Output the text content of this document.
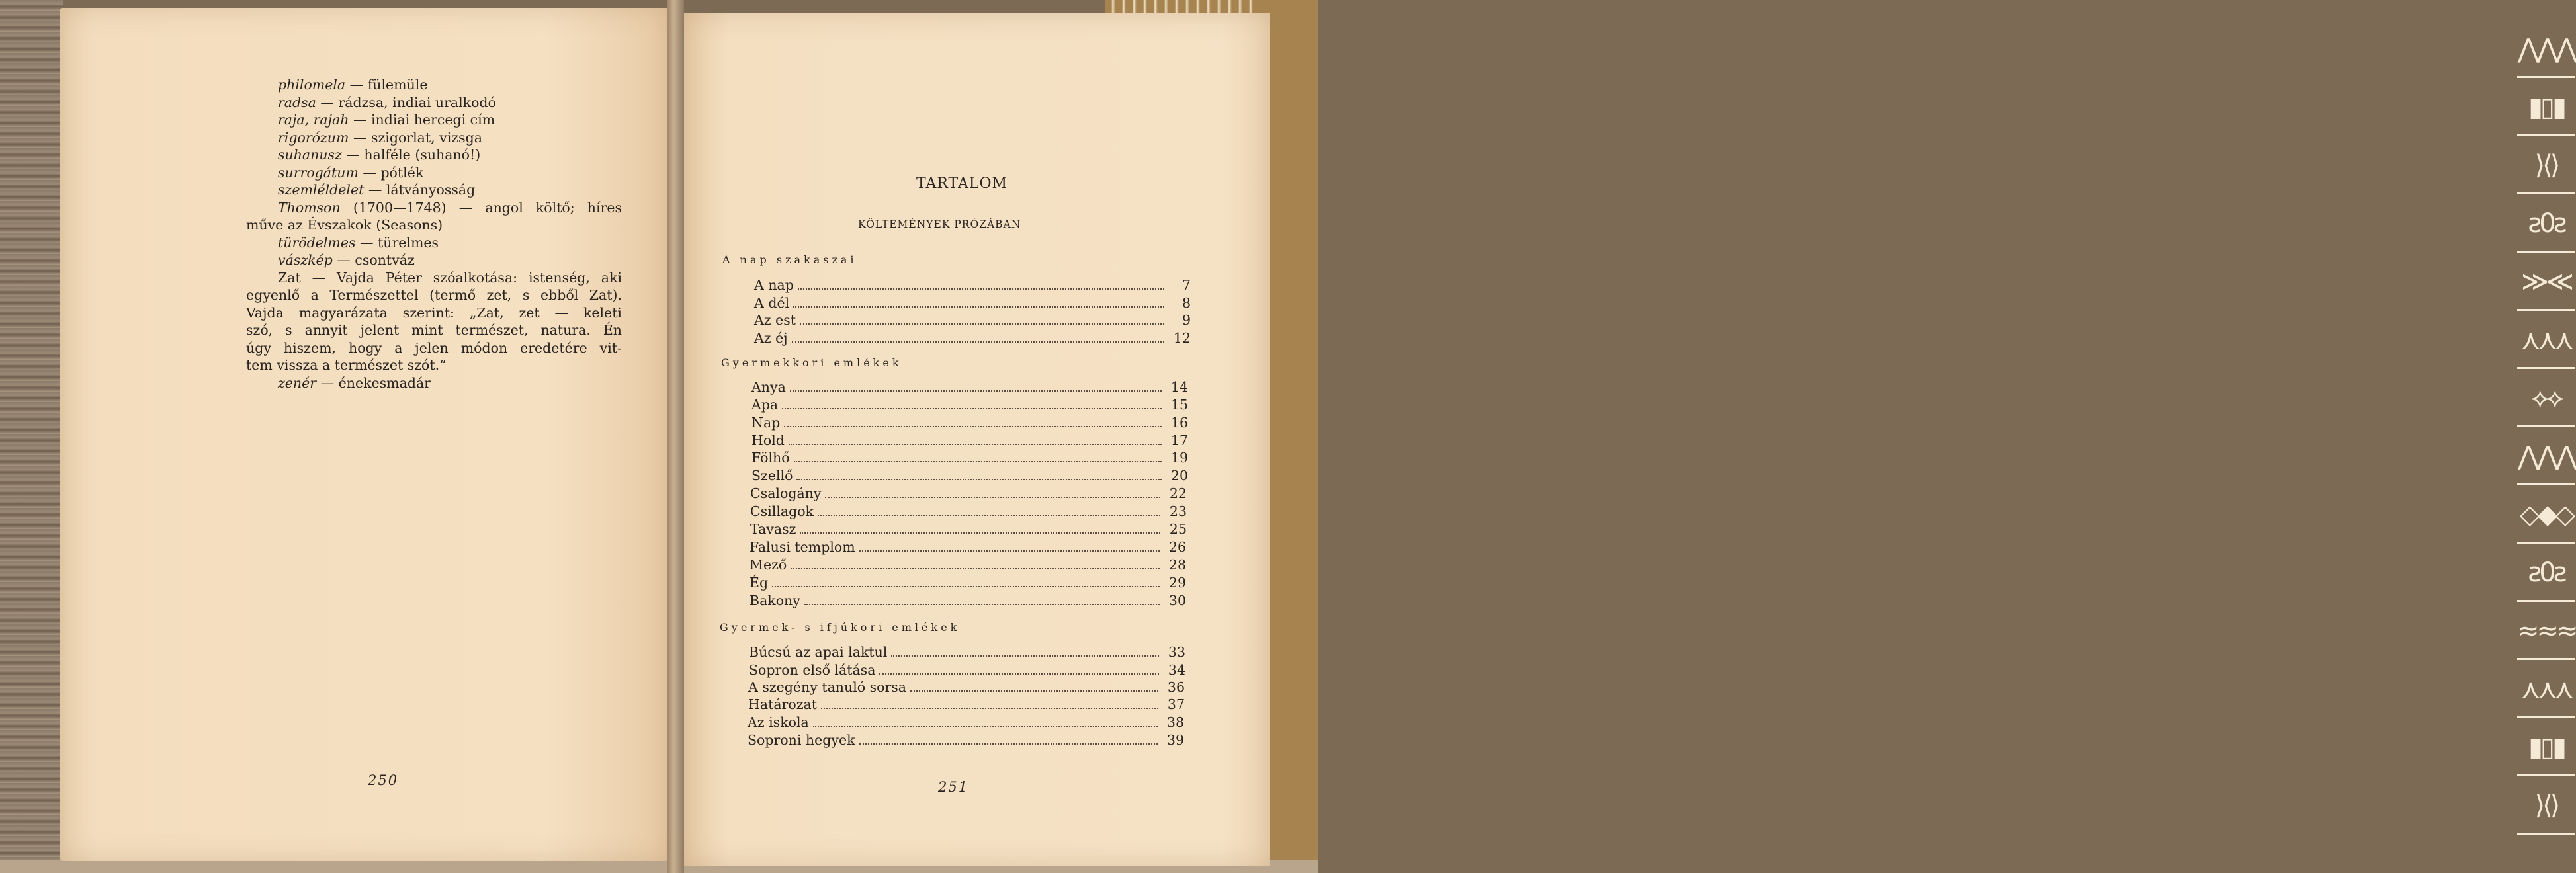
⋀⋀⋀
▮▯▮
⟩⟨⟩
ƨ0ƨ
≫≪
⋏⋏⋏
⟡⟡
⋀⋀⋀
◇◆◇
ƨ0ƨ
≈≈≈
⋏⋏⋏
▮▯▮
⟩⟨⟩
philomela — fülemüle
radsa — rádzsa, indiai uralkodó
raja, rajah — indiai hercegi cím
rigorózum — szigorlat, vizsga
suhanusz — halféle (suhanó!)
surrogátum — pótlék
szemléldelet — látványosság
Thomson (1700—1748) — angol költő; híres
műve az Évszakok (Seasons)
türödelmes — türelmes
vászkép — csontváz
Zat — Vajda Péter szóalkotása: istenség, aki
egyenlő a Természettel (termő zet, s ebből Zat).
Vajda magyarázata szerint: „Zat, zet — keleti
szó, s annyit jelent mint természet, natura. Én
úgy hiszem, hogy a jelen módon eredetére vit-
tem vissza a természet szót.“
zenér — énekesmadár
250
TARTALOM
KÖLTEMÉNYEK PRÓZÁBAN
A nap szakaszai
A nap	7
A dél	8
Az est	9
Az éj	12
Gyermekkori emlékek
Anya	14
Apa	15
Nap	16
Hold	17
Fölhő	19
Szellő	20
Csalogány	22
Csillagok	23
Tavasz	25
Falusi templom	26
Mező	28
Ég	29
Bakony	30
Gyermek- s ifjúkori emlékek
Búcsú az apai laktul	33
Sopron első látása	34
A szegény tanuló sorsa	36
Határozat	37
Az iskola	38
Soproni hegyek	39
251
